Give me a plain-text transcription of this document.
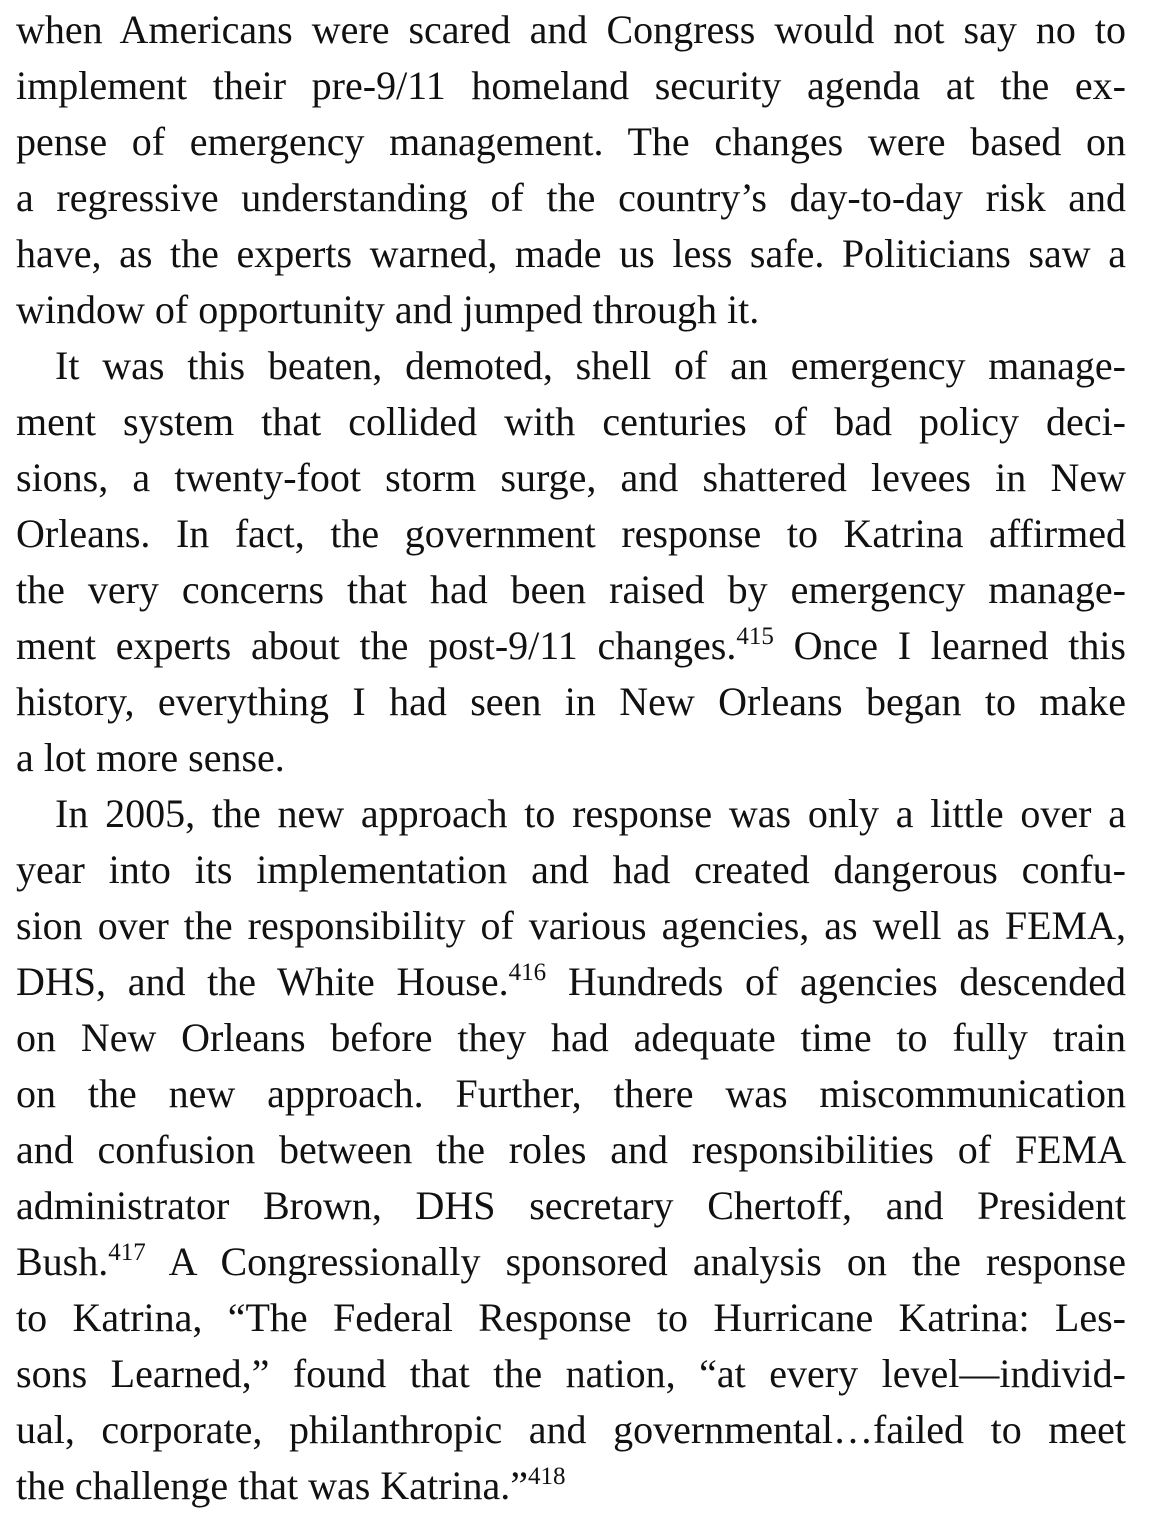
when Americans were scared and Congress would not say no to
implement their pre-9/11 homeland security agenda at the ex-
pense of emergency management. The changes were based on
a regressive understanding of the country’s day-to-day risk and
have, as the experts warned, made us less safe. Politicians saw a
window of opportunity and jumped through it.
It was this beaten, demoted, shell of an emergency manage-
ment system that collided with centuries of bad policy deci-
sions, a twenty-foot storm surge, and shattered levees in New
Orleans. In fact, the government response to Katrina affirmed
the very concerns that had been raised by emergency manage-
ment experts about the post-9/11 changes.$^{415}$ Once I learned this
history, everything I had seen in New Orleans began to make
a lot more sense.
In 2005, the new approach to response was only a little over a
year into its implementation and had created dangerous confu-
sion over the responsibility of various agencies, as well as FEMA,
DHS, and the White House.$^{416}$ Hundreds of agencies descended
on New Orleans before they had adequate time to fully train
on the new approach. Further, there was miscommunication
and confusion between the roles and responsibilities of FEMA
administrator Brown, DHS secretary Chertoff, and President
Bush.$^{417}$ A Congressionally sponsored analysis on the response
to Katrina, “The Federal Response to Hurricane Katrina: Les-
sons Learned,” found that the nation, “at every level—individ-
ual, corporate, philanthropic and governmental…failed to meet
the challenge that was Katrina.”$^{418}$
